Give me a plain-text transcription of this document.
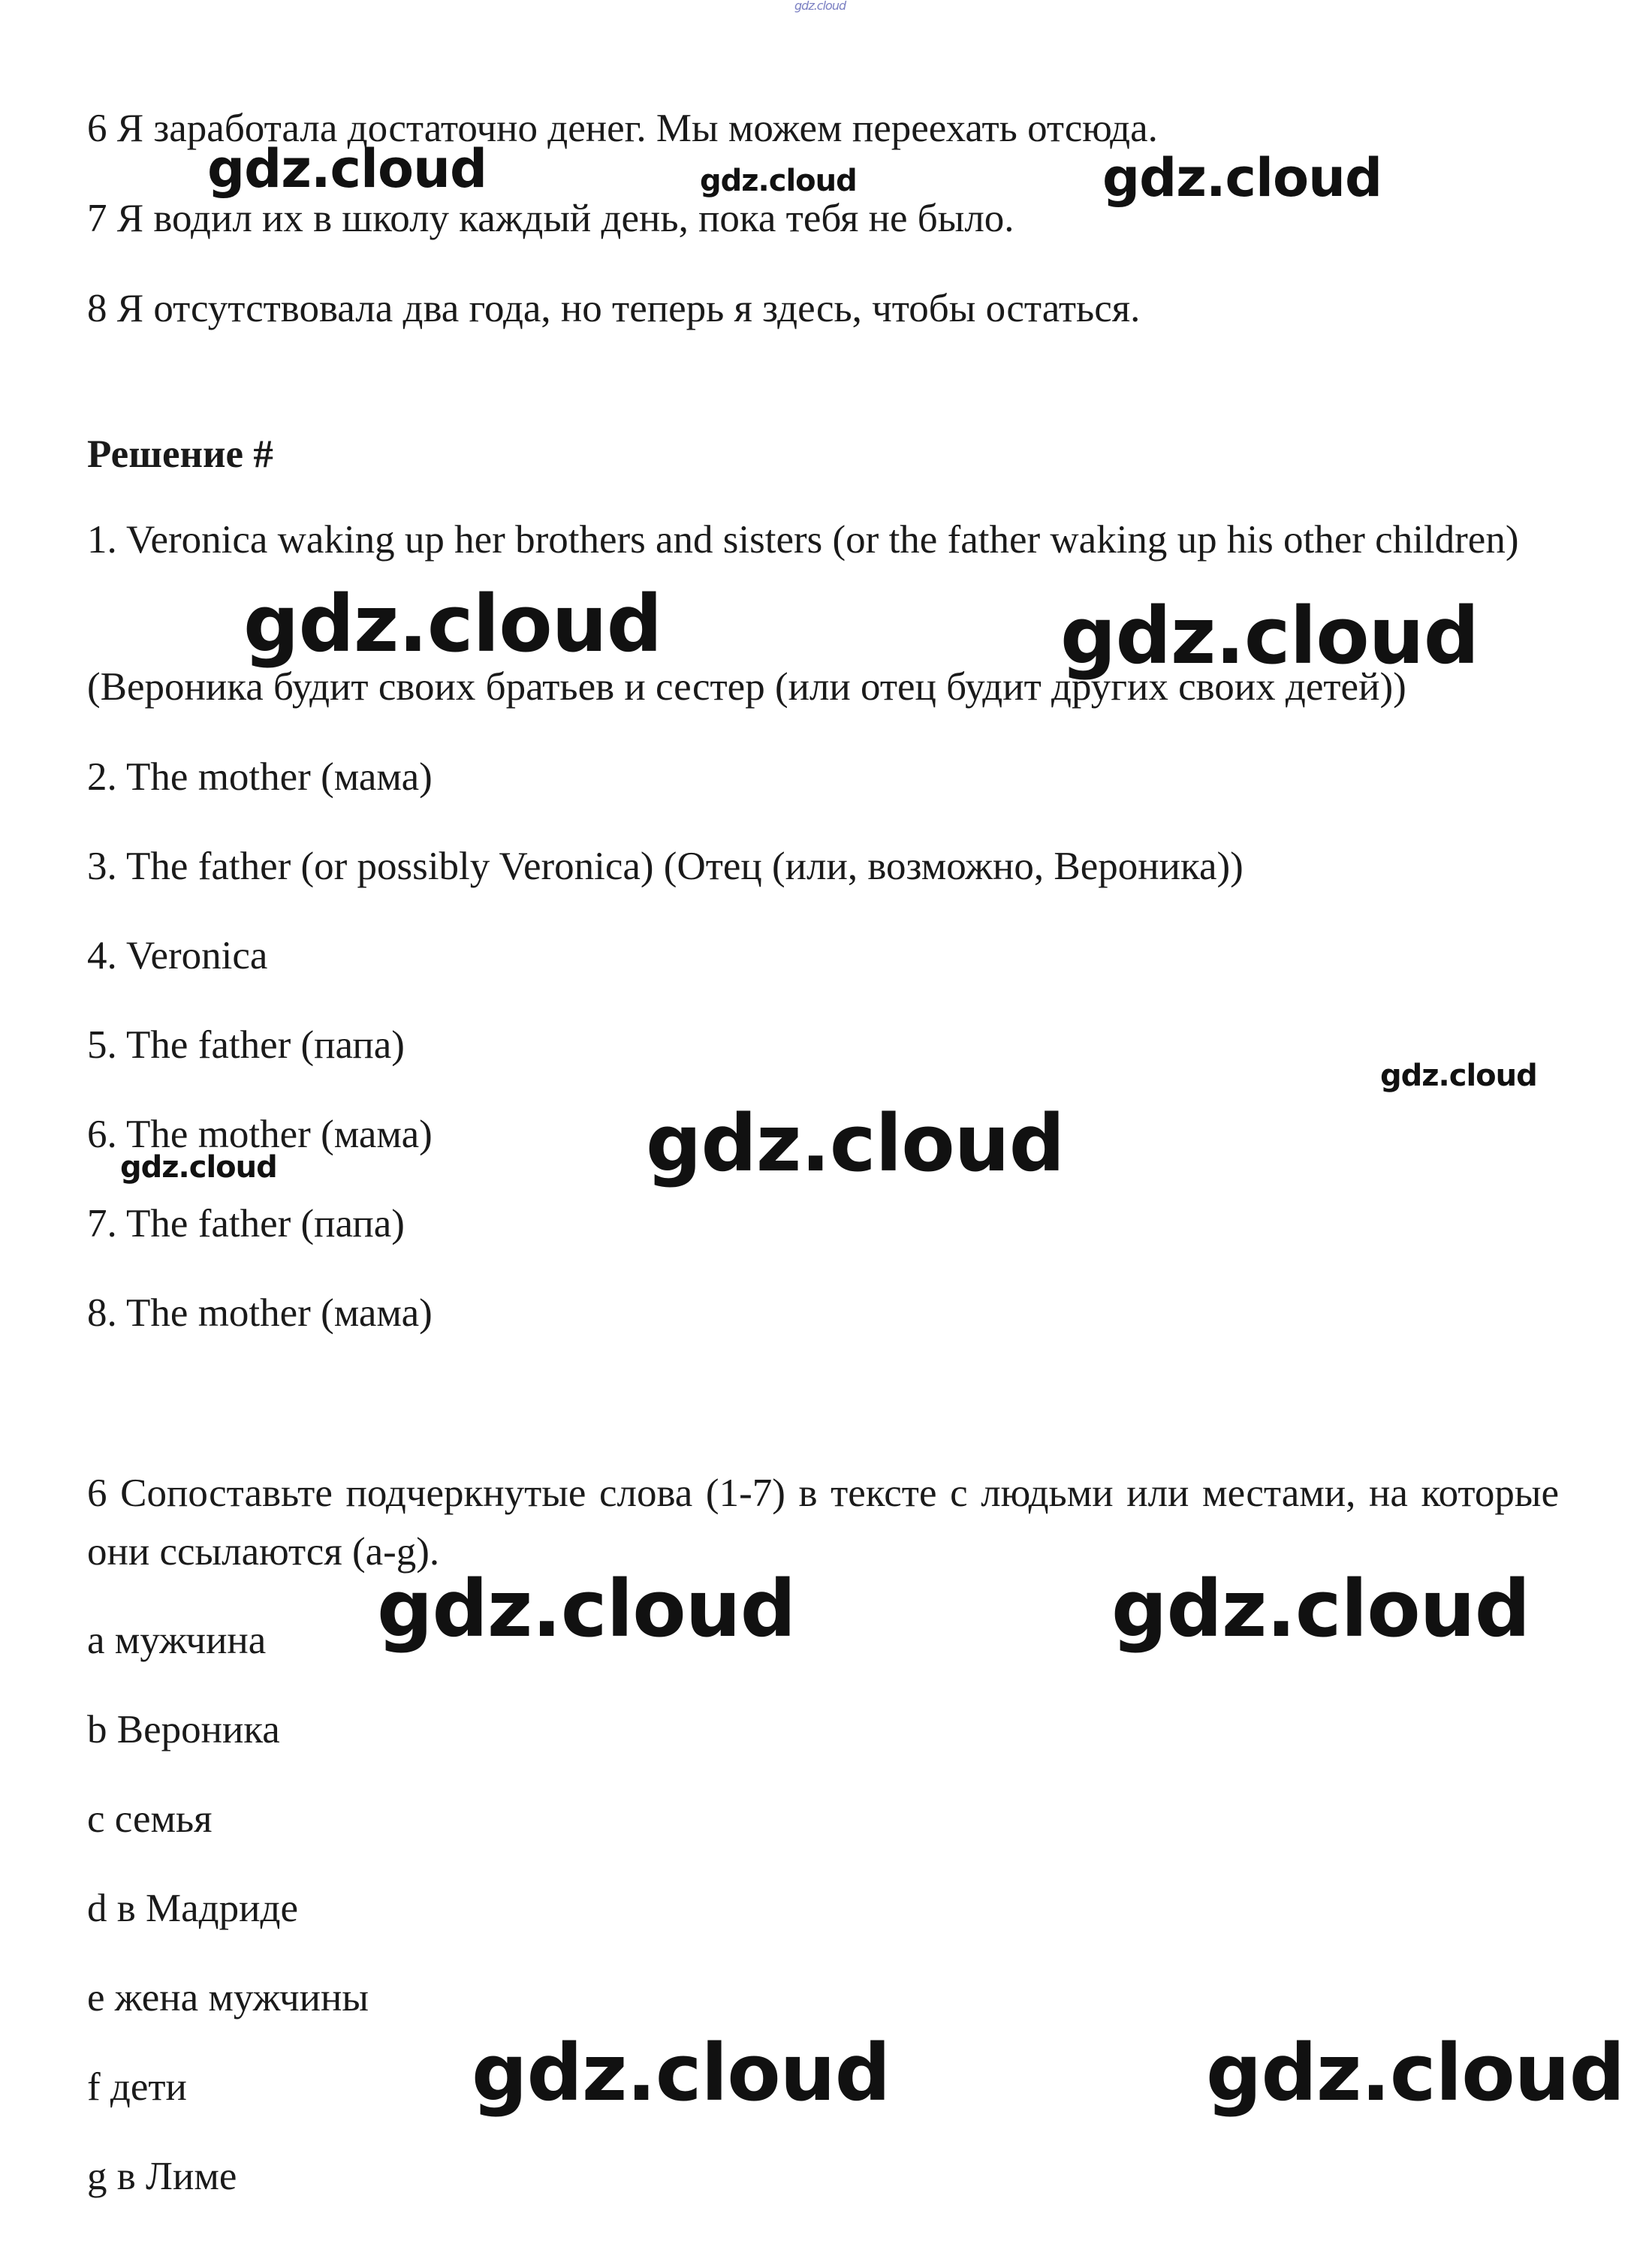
gdz.cloud
6 Я заработала достаточно денег. Мы можем переехать отсюда.
7 Я водил их в школу каждый день, пока тебя не было.
8 Я отсутствовала два года, но теперь я здесь, чтобы остаться.
Решение #
1. Veronica waking up her brothers and sisters (or the father waking up his other children)
(Вероника будит своих братьев и сестер (или отец будит других своих детей))
2. The mother (мама)
3. The father (or possibly Veronica) (Отец (или, возможно, Вероника))
4. Veronica
5. The father (папа)
6. The mother (мама)
7. The father (папа)
8. The mother (мама)
6 Сопоставьте подчеркнутые слова (1-7) в тексте с людьми или местами, на которые они ссылаются (a-g).
a мужчина
b Вероника
c семья
d в Мадриде
e жена мужчины
f дети
g в Лиме
gdz.cloud	gdz.cloud	gdz.cloud
gdz.cloud	gdz.cloud
gdz.cloud
gdz.cloud
gdz.cloud
gdz.cloud	gdz.cloud
gdz.cloud	gdz.cloud
